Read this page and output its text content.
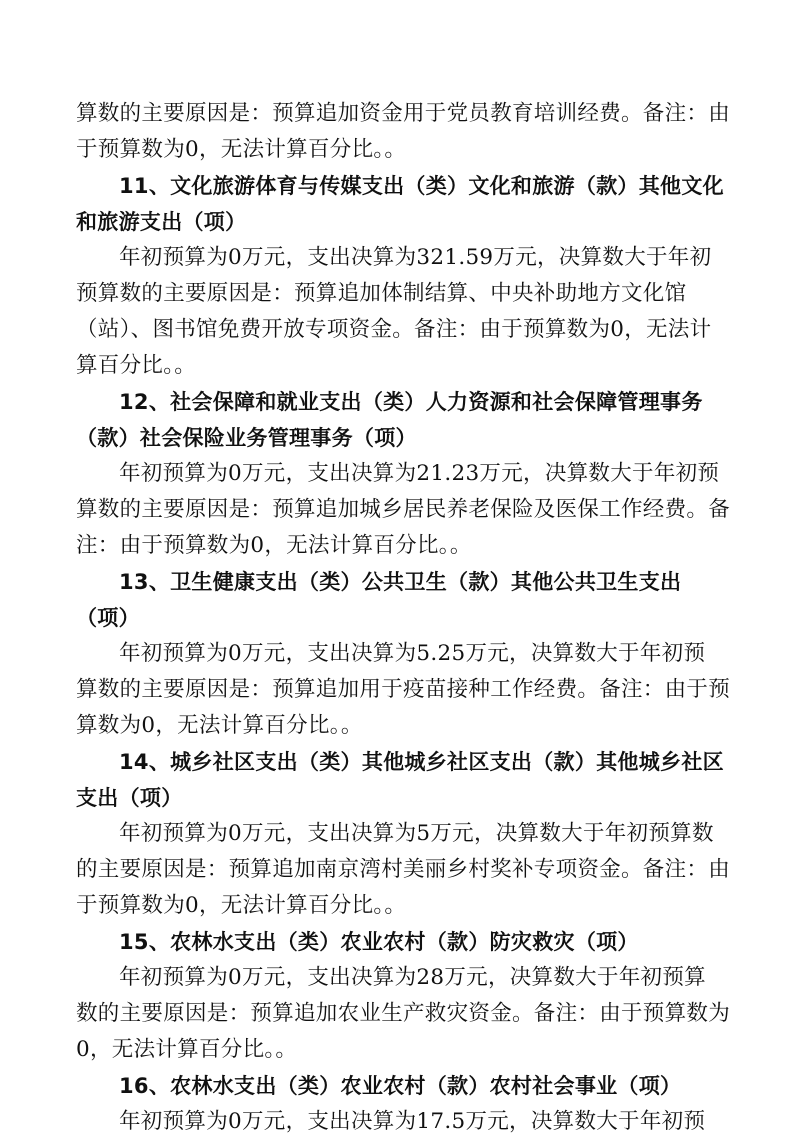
算数的主要原因是：预算追加资金用于党员教育培训经费。备注：由
于预算数为0，无法计算百分比。。
11、文化旅游体育与传媒支出（类）文化和旅游（款）其他文化
和旅游支出（项）
年初预算为0万元，支出决算为321.59万元，决算数大于年初
预算数的主要原因是：预算追加体制结算、中央补助地方文化馆
（站）、图书馆免费开放专项资金。备注：由于预算数为0，无法计
算百分比。。
12、社会保障和就业支出（类）人力资源和社会保障管理事务
（款）社会保险业务管理事务（项）
年初预算为0万元，支出决算为21.23万元，决算数大于年初预
算数的主要原因是：预算追加城乡居民养老保险及医保工作经费。备
注：由于预算数为0，无法计算百分比。。
13、卫生健康支出（类）公共卫生（款）其他公共卫生支出
（项）
年初预算为0万元，支出决算为5.25万元，决算数大于年初预
算数的主要原因是：预算追加用于疫苗接种工作经费。备注：由于预
算数为0，无法计算百分比。。
14、城乡社区支出（类）其他城乡社区支出（款）其他城乡社区
支出（项）
年初预算为0万元，支出决算为5万元，决算数大于年初预算数
的主要原因是：预算追加南京湾村美丽乡村奖补专项资金。备注：由
于预算数为0，无法计算百分比。。
15、农林水支出（类）农业农村（款）防灾救灾（项）
年初预算为0万元，支出决算为28万元，决算数大于年初预算
数的主要原因是：预算追加农业生产救灾资金。备注：由于预算数为
0，无法计算百分比。。
16、农林水支出（类）农业农村（款）农村社会事业（项）
年初预算为0万元，支出决算为17.5万元，决算数大于年初预
